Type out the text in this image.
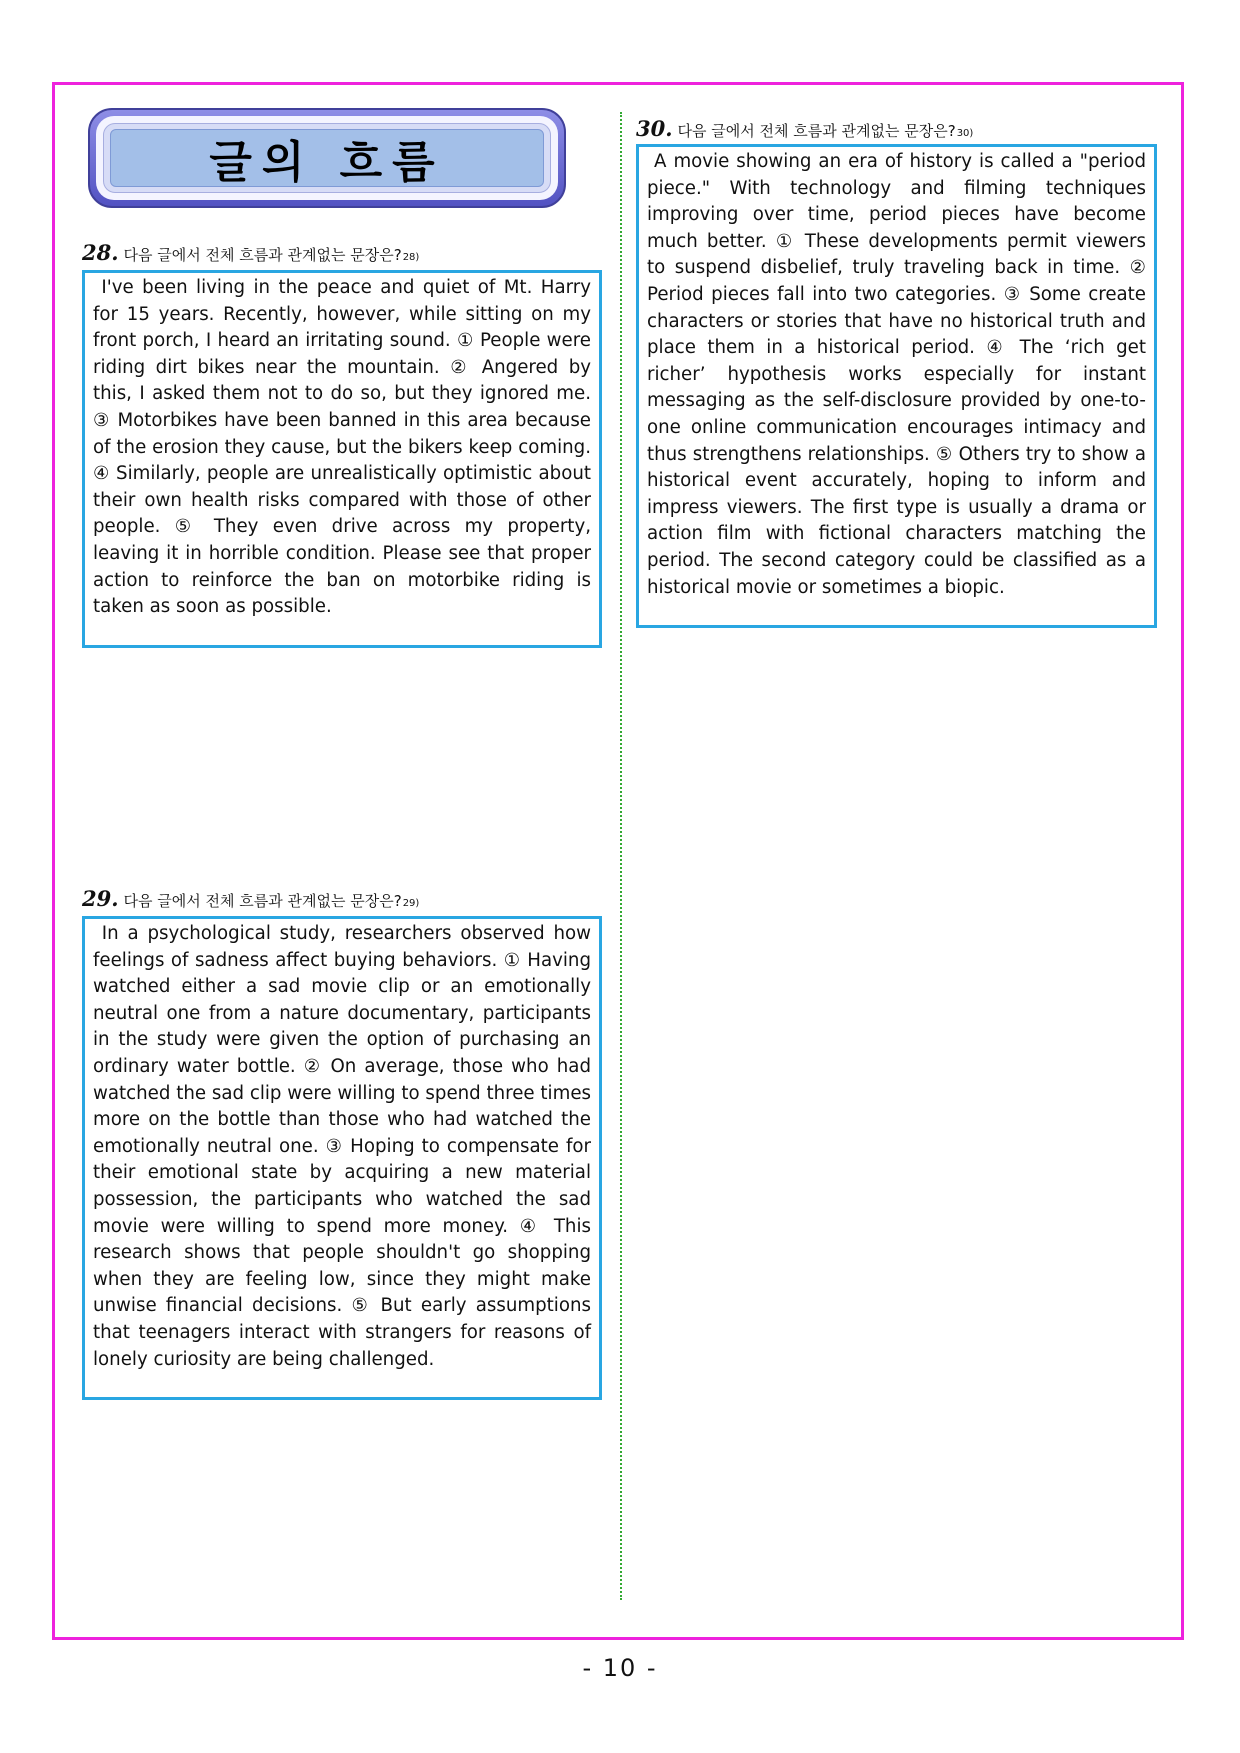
글의 흐름
28. 다음 글에서 전체 흐름과 관계없는 문장은? 28)
I've been living in the peace and quiet of Mt. Harry for 15 years. Recently, however, while sitting on my front porch, I heard an irritating sound. ① People were riding dirt bikes near the mountain. ② Angered by this, I asked them not to do so, but they ignored me. ③ Motorbikes have been banned in this area because of the erosion they cause, but the bikers keep coming. ④ Similarly, people are unrealistically optimistic about their own health risks compared with those of other people. ⑤ They even drive across my property, leaving it in horrible condition. Please see that proper action to reinforce the ban on motorbike riding is taken as soon as possible.
29. 다음 글에서 전체 흐름과 관계없는 문장은? 29)
In a psychological study, researchers observed how feelings of sadness affect buying behaviors. ① Having watched either a sad movie clip or an emotionally neutral one from a nature documentary, participants in the study were given the option of purchasing an ordinary water bottle. ② On average, those who had watched the sad clip were willing to spend three times more on the bottle than those who had watched the emotionally neutral one. ③ Hoping to compensate for their emotional state by acquiring a new material possession, the participants who watched the sad movie were willing to spend more money. ④ This research shows that people shouldn't go shopping when they are feeling low, since they might make unwise financial decisions. ⑤ But early assumptions that teenagers interact with strangers for reasons of lonely curiosity are being challenged.
30. 다음 글에서 전체 흐름과 관계없는 문장은? 30)
A movie showing an era of history is called a "period piece." With technology and filming techniques improving over time, period pieces have become much better. ① These developments permit viewers to suspend disbelief, truly traveling back in time. ② Period pieces fall into two categories. ③ Some create characters or stories that have no historical truth and place them in a historical period. ④ The ‘rich get richer’ hypothesis works especially for instant messaging as the self-disclosure provided by one-to-one online communication encourages intimacy and thus strengthens relationships. ⑤ Others try to show a historical event accurately, hoping to inform and impress viewers. The first type is usually a drama or action film with fictional characters matching the period. The second category could be classified as a historical movie or sometimes a biopic.
- 10 -
